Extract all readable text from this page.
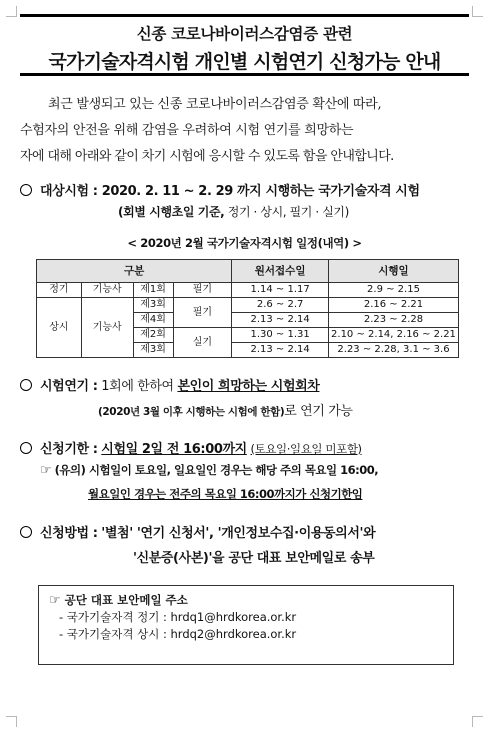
신종 코로나바이러스감염증 관련
국가기술자격시험 개인별 시험연기 신청가능 안내
최근 발생되고 있는 신종 코로나바이러스감염증 확산에 따라,
수험자의 안전을 위해 감염을 우려하여 시험 연기를 희망하는
자에 대해 아래와 같이 차기 시험에 응시할 수 있도록 함을 안내합니다.
대상시험 : 2020. 2. 11 ~ 2. 29 까지 시행하는 국가기술자격 시험
(회별 시행초일 기준, 정기 · 상시, 필기 · 실기)
< 2020년 2월 국가기술자격시험 일정(내역) >
구분				원서접수일	시행일
정기	기능사	제1회	필기	1.14 ~ 1.17	2.9 ~ 2.15
상시	기능사	제3회	필기	2.6 ~ 2.7	2.16 ~ 2.21
		제4회		2.13 ~ 2.14	2.23 ~ 2.28
		제2회	실기	1.30 ~ 1.31	2.10 ~ 2.14, 2.16 ~ 2.21
		제3회		2.13 ~ 2.14	2.23 ~ 2.28, 3.1 ~ 3.6
시험연기 : 1회에 한하여 본인이 희망하는 시험회차
(2020년 3월 이후 시행하는 시험에 한함)로 연기 가능
신청기한 : 시험일 2일 전 16:00까지 (토요일·일요일 미포함)
☞ (유의) 시험일이 토요일, 일요일인 경우는 해당 주의 목요일 16:00,
월요일인 경우는 전주의 목요일 16:00까지가 신청기한임
신청방법 : '별첨' '연기 신청서', '개인정보수집·이용동의서'와
'신분증(사본)'을 공단 대표 보안메일로 송부
☞ 공단 대표 보안메일 주소
- 국가기술자격 정기 : hrdq1@hrdkorea.or.kr
- 국가기술자격 상시 : hrdq2@hrdkorea.or.kr
